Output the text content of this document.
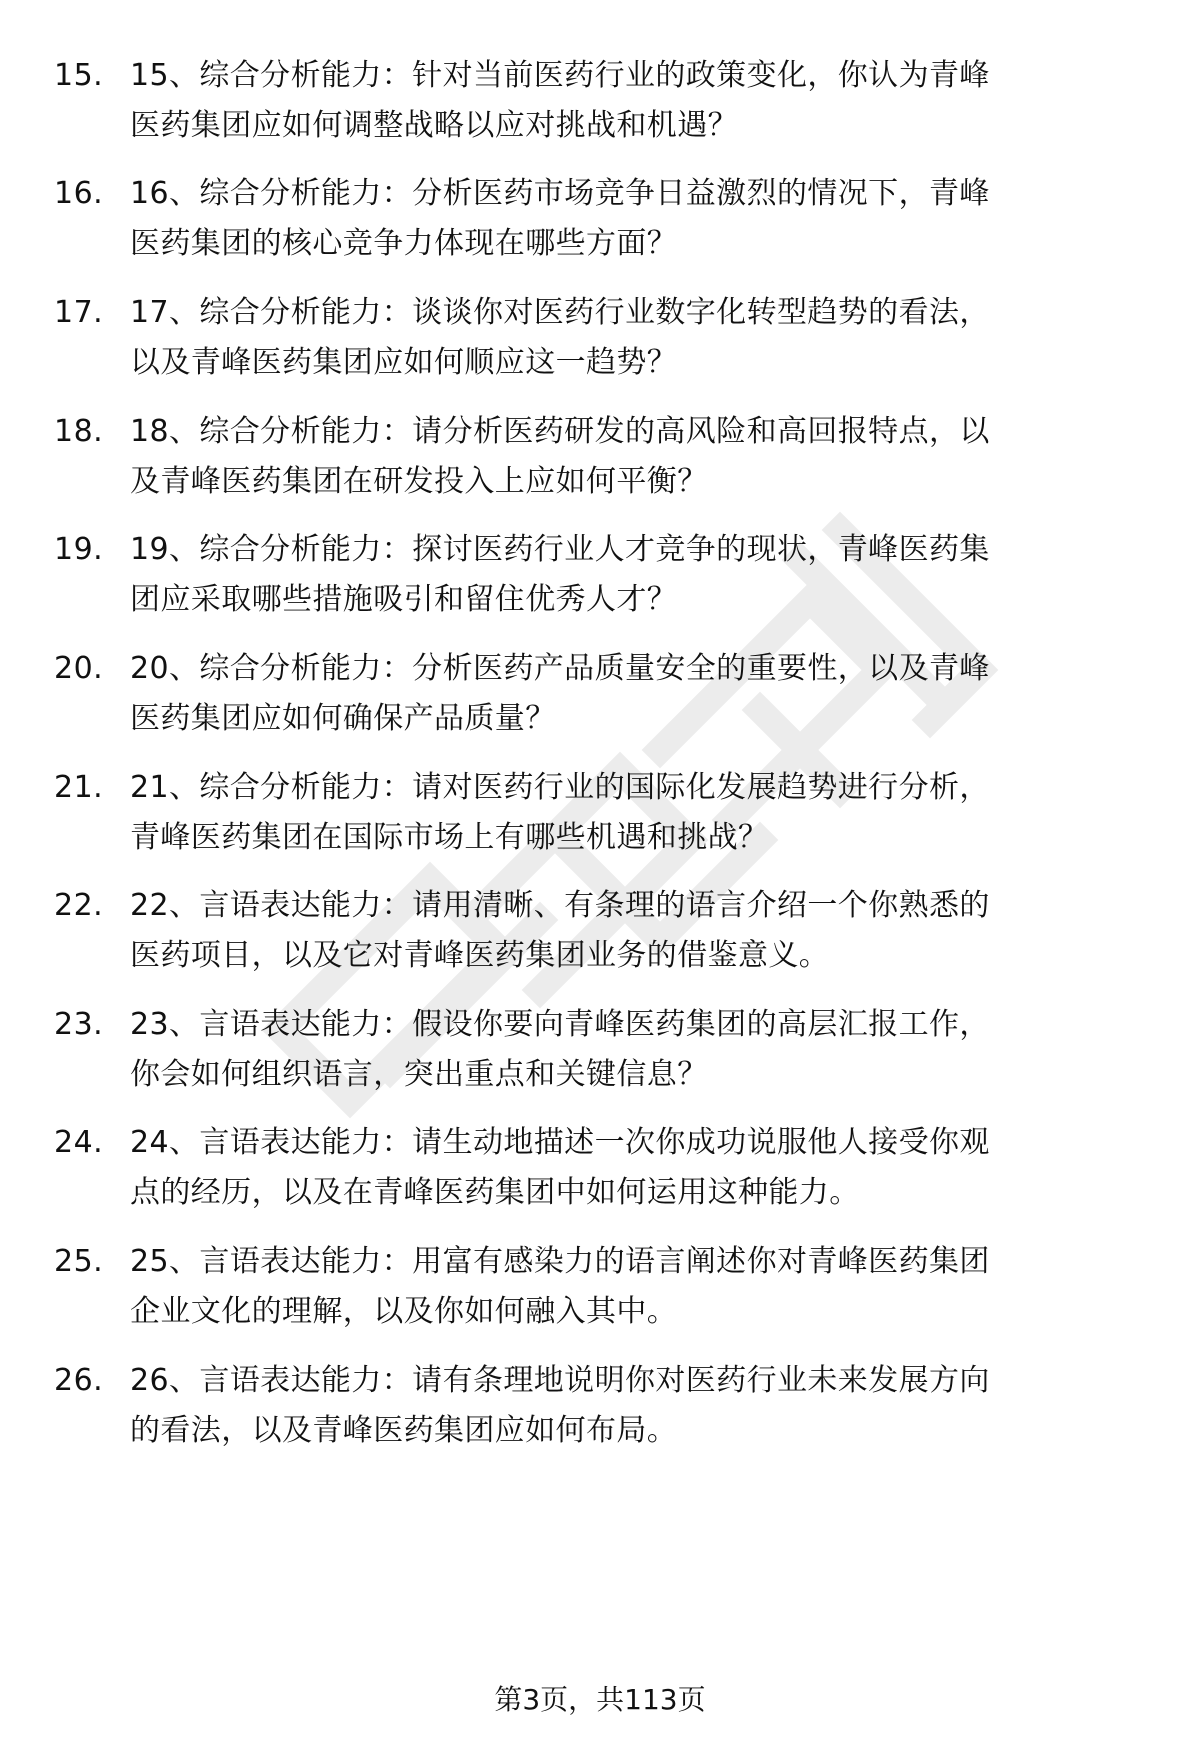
15. 15、综合分析能力：针对当前医药行业的政策变化，你认为青峰
医药集团应如何调整战略以应对挑战和机遇？
16. 16、综合分析能力：分析医药市场竞争日益激烈的情况下，青峰
医药集团的核心竞争力体现在哪些方面？
17. 17、综合分析能力：谈谈你对医药行业数字化转型趋势的看法，
以及青峰医药集团应如何顺应这一趋势？
18. 18、综合分析能力：请分析医药研发的高风险和高回报特点，以
及青峰医药集团在研发投入上应如何平衡？
19. 19、综合分析能力：探讨医药行业人才竞争的现状，青峰医药集
团应采取哪些措施吸引和留住优秀人才？
20. 20、综合分析能力：分析医药产品质量安全的重要性，以及青峰
医药集团应如何确保产品质量？
21. 21、综合分析能力：请对医药行业的国际化发展趋势进行分析，
青峰医药集团在国际市场上有哪些机遇和挑战？
22. 22、言语表达能力：请用清晰、有条理的语言介绍一个你熟悉的
医药项目，以及它对青峰医药集团业务的借鉴意义。
23. 23、言语表达能力：假设你要向青峰医药集团的高层汇报工作，
你会如何组织语言，突出重点和关键信息？
24. 24、言语表达能力：请生动地描述一次你成功说服他人接受你观
点的经历，以及在青峰医药集团中如何运用这种能力。
25. 25、言语表达能力：用富有感染力的语言阐述你对青峰医药集团
企业文化的理解，以及你如何融入其中。
26. 26、言语表达能力：请有条理地说明你对医药行业未来发展方向
的看法，以及青峰医药集团应如何布局。
第3页，共113页
